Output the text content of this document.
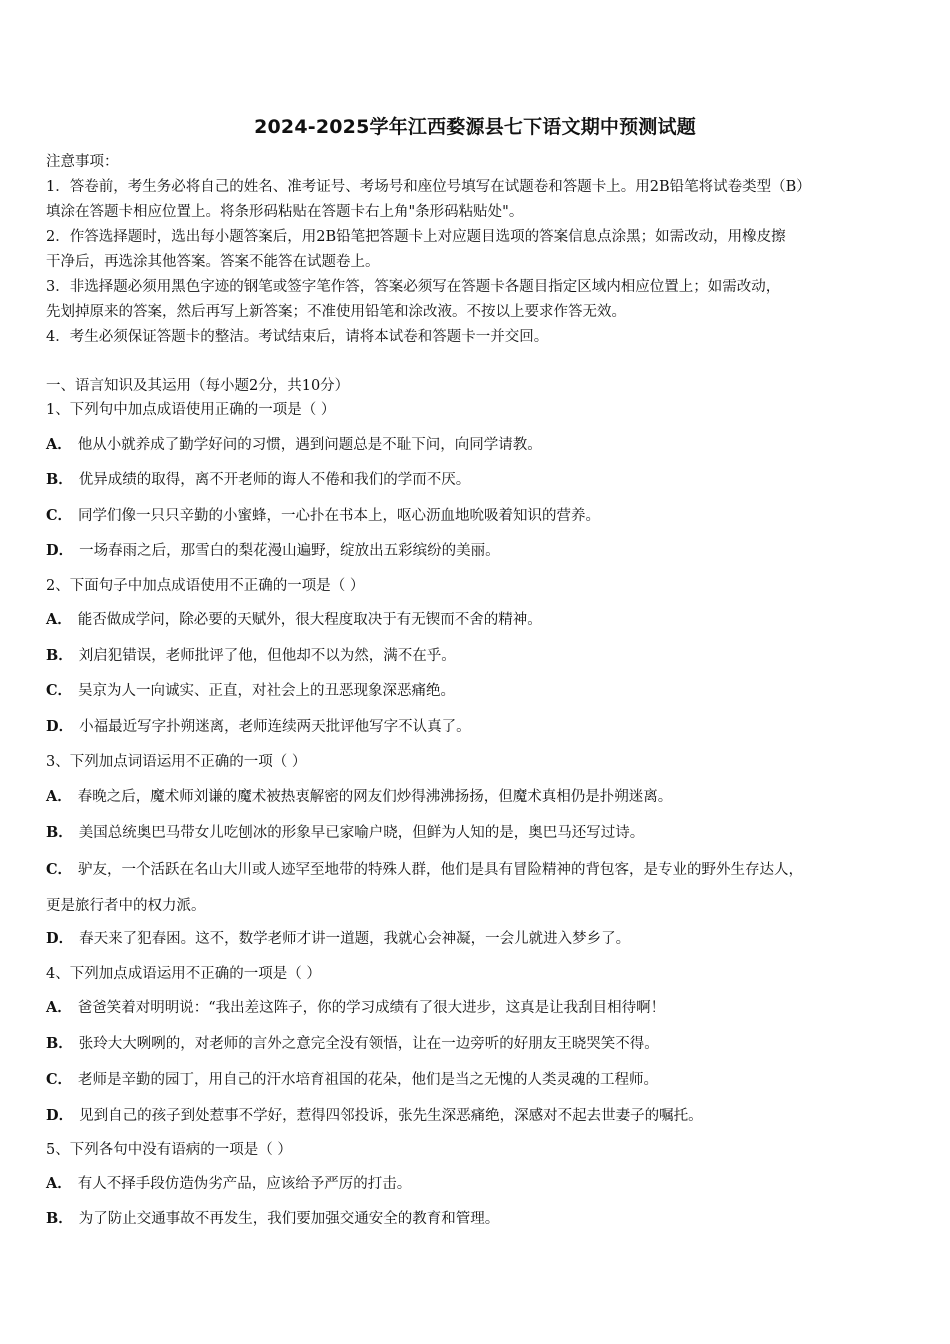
2024-2025学年江西婺源县七下语文期中预测试题
注意事项：
1．答卷前，考生务必将自己的姓名、准考证号、考场号和座位号填写在试题卷和答题卡上。用2B铅笔将试卷类型（B）
填涂在答题卡相应位置上。将条形码粘贴在答题卡右上角"条形码粘贴处"。
2．作答选择题时，选出每小题答案后，用2B铅笔把答题卡上对应题目选项的答案信息点涂黑；如需改动，用橡皮擦
干净后，再选涂其他答案。答案不能答在试题卷上。
3．非选择题必须用黑色字迹的钢笔或签字笔作答，答案必须写在答题卡各题目指定区域内相应位置上；如需改动，
先划掉原来的答案，然后再写上新答案；不准使用铅笔和涂改液。不按以上要求作答无效。
4．考生必须保证答题卡的整洁。考试结束后，请将本试卷和答题卡一并交回。
一、语言知识及其运用（每小题2分，共10分）
1、下列句中加点成语使用正确的一项是（ ）
A． 他从小就养成了勤学好问的习惯，遇到问题总是不耻下问，向同学请教。
B． 优异成绩的取得，离不开老师的诲人不倦和我们的学而不厌。
C． 同学们像一只只辛勤的小蜜蜂，一心扑在书本上，呕心沥血地吮吸着知识的营养。
D． 一场春雨之后，那雪白的梨花漫山遍野，绽放出五彩缤纷的美丽。
2、下面句子中加点成语使用不正确的一项是（ ）
A． 能否做成学问，除必要的天赋外，很大程度取决于有无锲而不舍的精神。
B． 刘启犯错误，老师批评了他，但他却不以为然，满不在乎。
C． 吴京为人一向诚实、正直，对社会上的丑恶现象深恶痛绝。
D． 小福最近写字扑朔迷离，老师连续两天批评他写字不认真了。
3、下列加点词语运用不正确的一项（ ）
A． 春晚之后，魔术师刘谦的魔术被热衷解密的网友们炒得沸沸扬扬，但魔术真相仍是扑朔迷离。
B． 美国总统奥巴马带女儿吃刨冰的形象早已家喻户晓，但鲜为人知的是，奥巴马还写过诗。
C． 驴友，一个活跃在名山大川或人迹罕至地带的特殊人群，他们是具有冒险精神的背包客，是专业的野外生存达人，
更是旅行者中的权力派。
D． 春天来了犯春困。这不，数学老师才讲一道题，我就心会神凝，一会儿就进入梦乡了。
4、下列加点成语运用不正确的一项是（ ）
A． 爸爸笑着对明明说：“我出差这阵子，你的学习成绩有了很大进步，这真是让我刮目相待啊！
B． 张玲大大咧咧的，对老师的言外之意完全没有领悟，让在一边旁听的好朋友王晓哭笑不得。
C． 老师是辛勤的园丁，用自己的汗水培育祖国的花朵，他们是当之无愧的人类灵魂的工程师。
D． 见到自己的孩子到处惹事不学好，惹得四邻投诉，张先生深恶痛绝，深感对不起去世妻子的嘱托。
5、下列各句中没有语病的一项是（ ）
A． 有人不择手段仿造伪劣产品，应该给予严厉的打击。
B． 为了防止交通事故不再发生，我们要加强交通安全的教育和管理。
